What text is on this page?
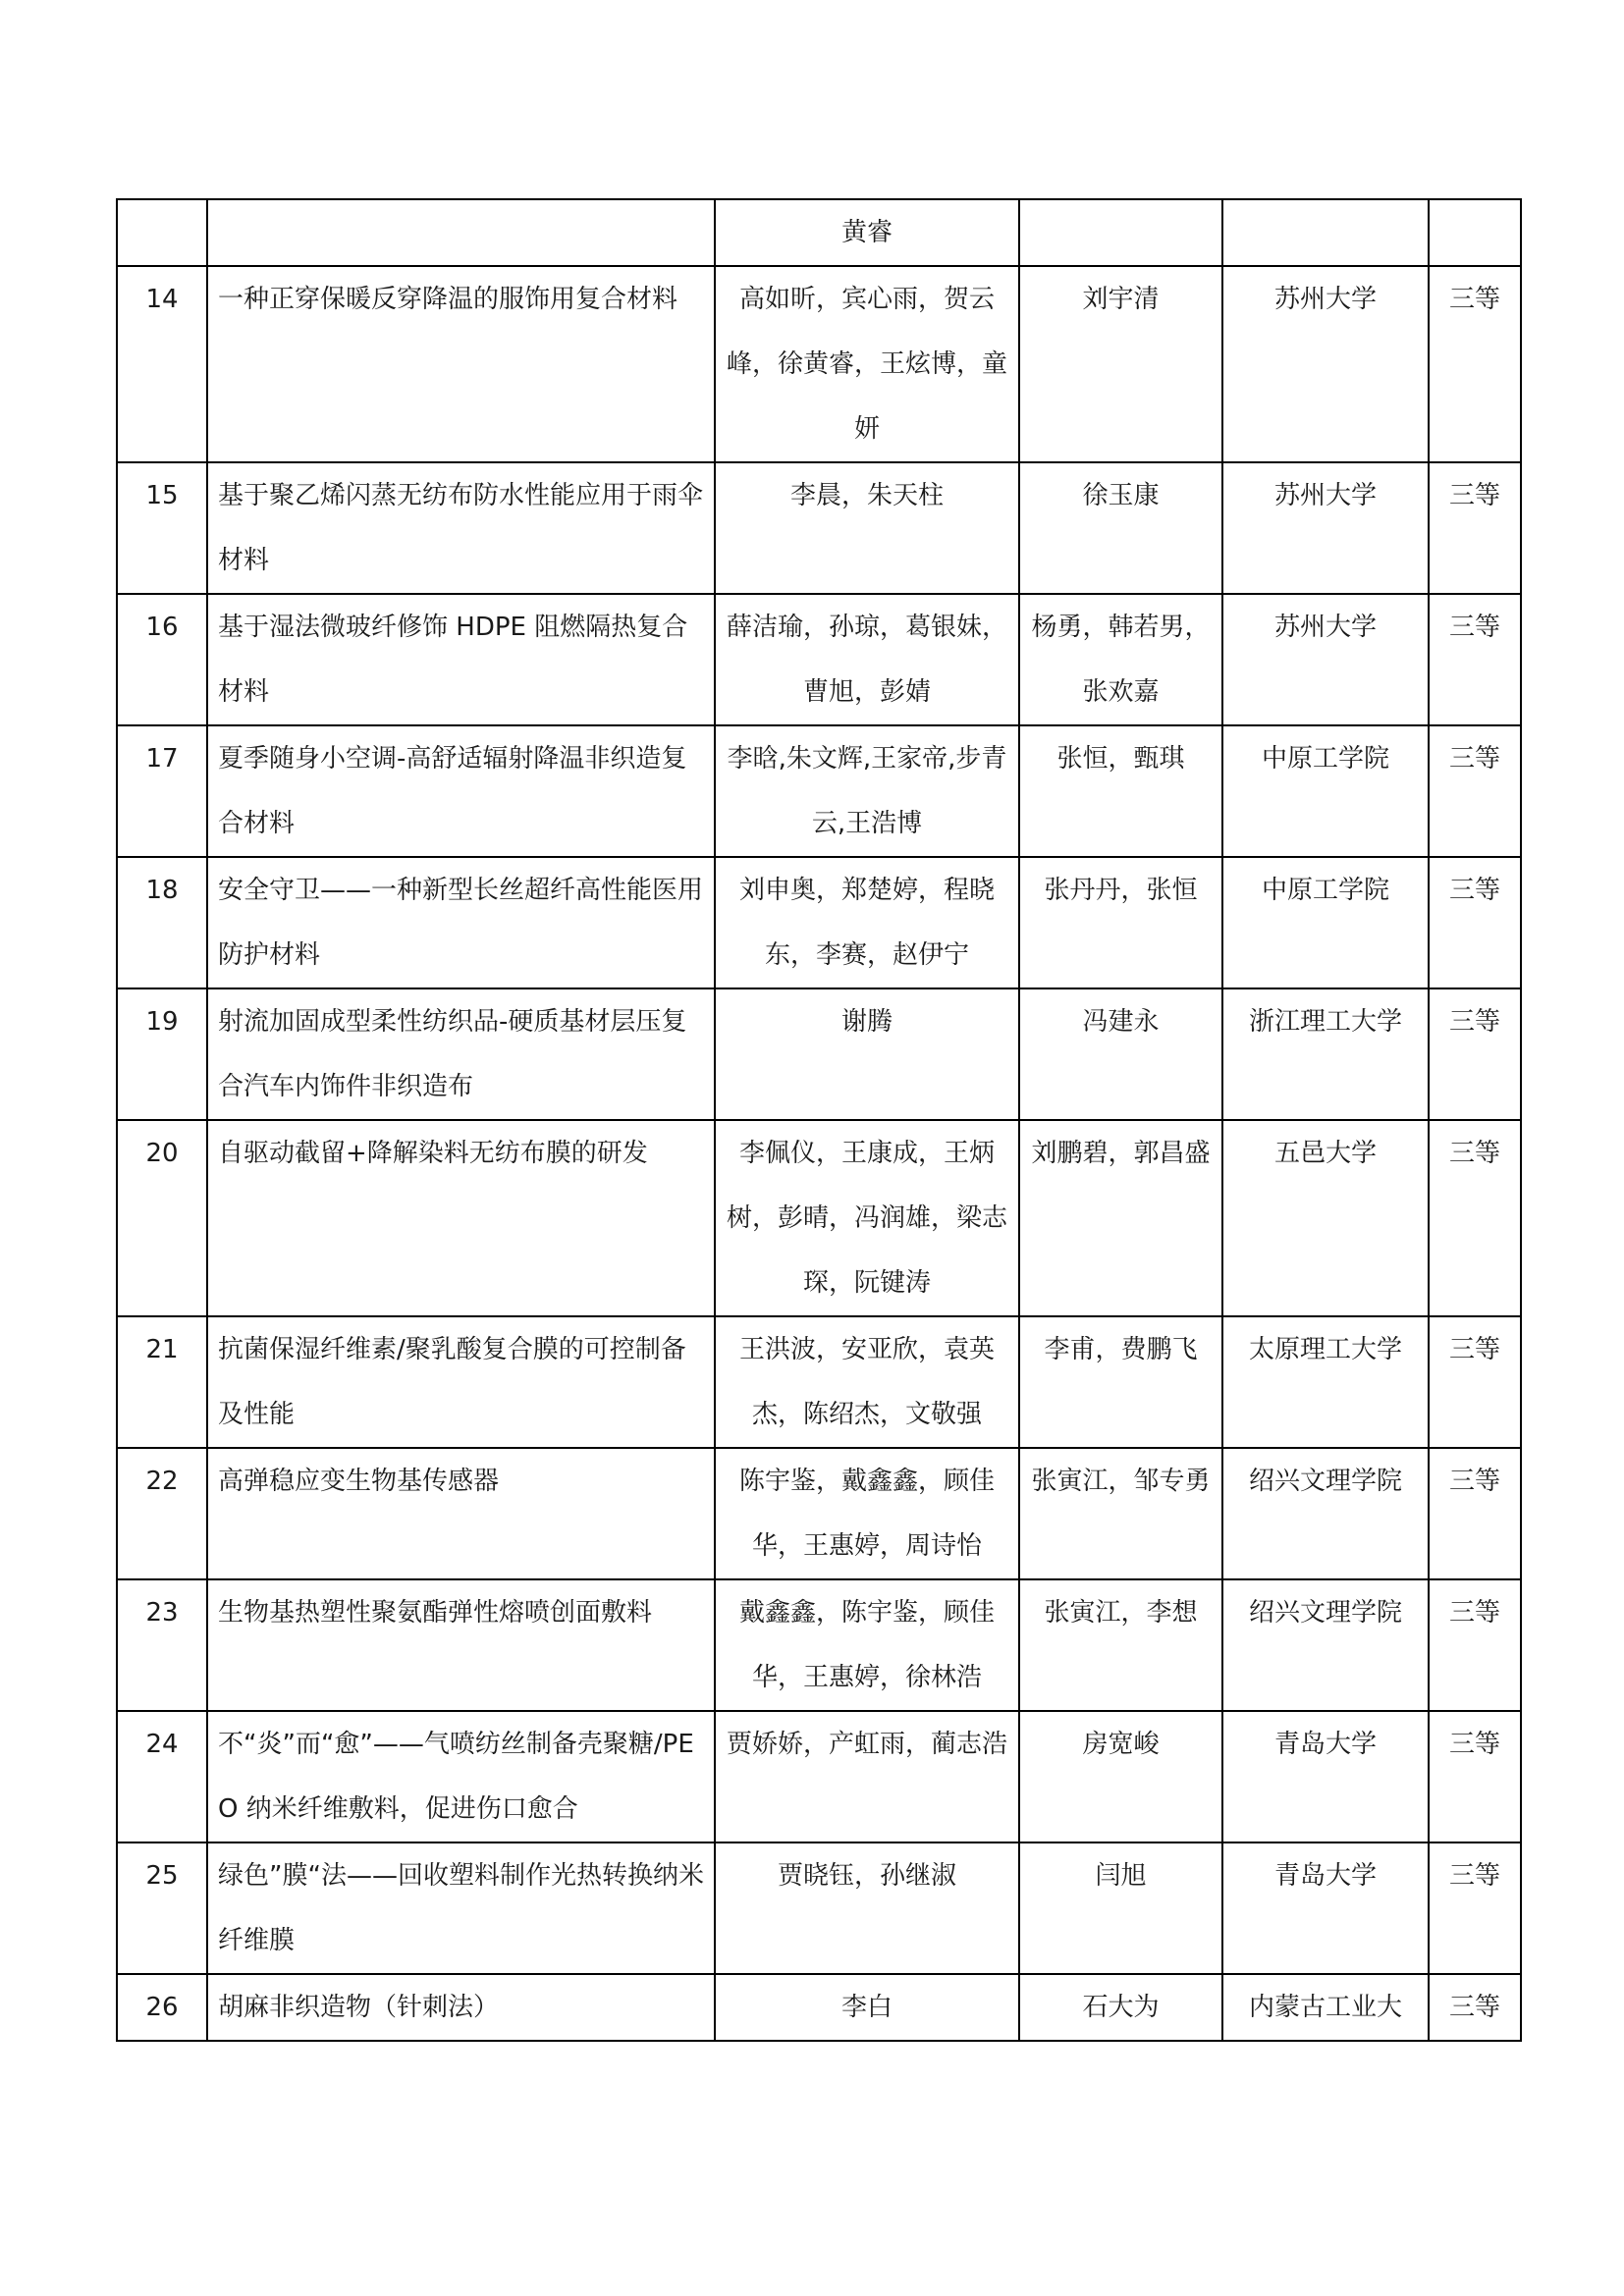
		黄睿			
14	一种正穿保暖反穿降温的服饰用复合材料	高如昕，宾心雨，贺云峰，徐黄睿，王炫博，童妍	刘宇清	苏州大学	三等
15	基于聚乙烯闪蒸无纺布防水性能应用于雨伞材料	李晨，朱天柱	徐玉康	苏州大学	三等
16	基于湿法微玻纤修饰 HDPE 阻燃隔热复合材料	薛洁瑜，孙琼，葛银妹，曹旭，彭婧	杨勇，韩若男，张欢嘉	苏州大学	三等
17	夏季随身小空调-高舒适辐射降温非织造复合材料	李晗,朱文辉,王家帝,步青云,王浩博	张恒，甄琪	中原工学院	三等
18	安全守卫——一种新型长丝超纤高性能医用防护材料	刘申奥，郑楚婷，程晓东，李赛，赵伊宁	张丹丹，张恒	中原工学院	三等
19	射流加固成型柔性纺织品-硬质基材层压复合汽车内饰件非织造布	谢腾	冯建永	浙江理工大学	三等
20	自驱动截留+降解染料无纺布膜的研发	李佩仪，王康成，王炳树，彭晴，冯润雄，梁志琛，阮键涛	刘鹏碧，郭昌盛	五邑大学	三等
21	抗菌保湿纤维素/聚乳酸复合膜的可控制备及性能	王洪波，安亚欣，袁英杰，陈绍杰，文敬强	李甫，费鹏飞	太原理工大学	三等
22	高弹稳应变生物基传感器	陈宇鉴，戴鑫鑫，顾佳华，王惠婷，周诗怡	张寅江，邹专勇	绍兴文理学院	三等
23	生物基热塑性聚氨酯弹性熔喷创面敷料	戴鑫鑫，陈宇鉴，顾佳华，王惠婷，徐林浩	张寅江，李想	绍兴文理学院	三等
24	不“炎”而“愈”——气喷纺丝制备壳聚糖/PEO 纳米纤维敷料，促进伤口愈合	贾娇娇，产虹雨，蔺志浩	房宽峻	青岛大学	三等
25	绿色”膜“法——回收塑料制作光热转换纳米纤维膜	贾晓钰，孙继淑	闫旭	青岛大学	三等
26	胡麻非织造物（针刺法）	李白	石大为	内蒙古工业大	三等
